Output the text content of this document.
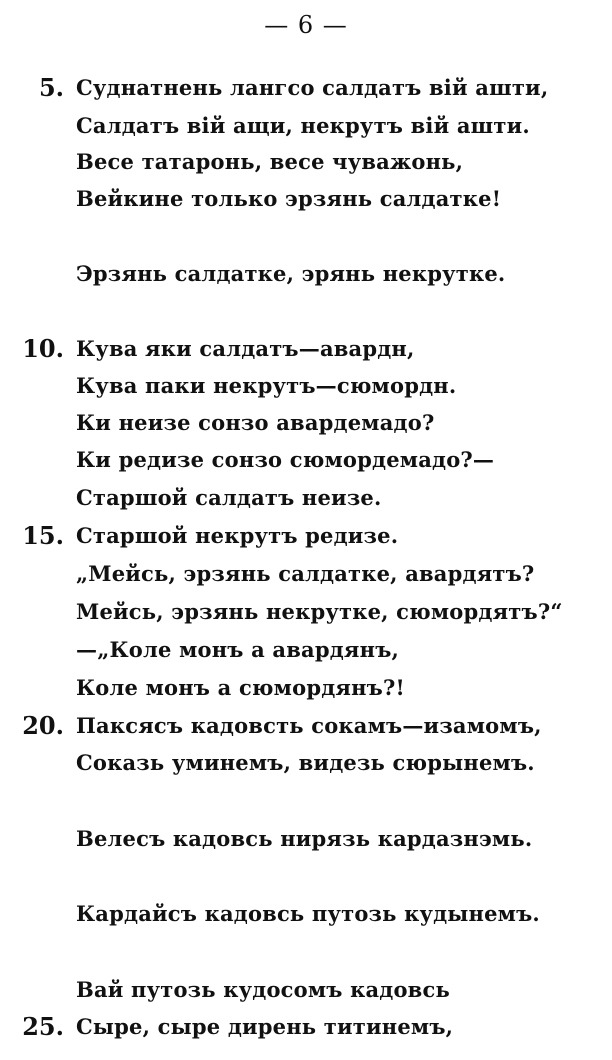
— 6 —
5. Суднатнень лангсо салдатъ вiй ашти,
Салдатъ вiй ащи, некрутъ вiй ашти.
Весе татаронь, весе чуважонь,
Вейкине только эрзянь салдатке!
Эрзянь салдатке, эрянь некрутке.
10. Кува яки салдатъ—авардн,
Кува паки некрутъ—сюмордн.
Ки неизе сонзо авардемадо?
Ки редизе сонзо сюмордемадо?—
Старшой салдатъ неизе.
15. Старшой некрутъ редизе.
„Мейсь, эрзянь салдатке, авардятъ?
Мейсь, эрзянь некрутке, сюмордятъ?“
—„Коле монъ а авардянъ,
Коле монъ а сюмордянъ?!
20. Паксясъ кадовсть сокамъ—изамомъ,
Соказь уминемъ, видезь сюрынемъ.
Велесъ кадовсь нирязь кардазнэмь.
Кардайсъ кадовсь путозь кудынемъ.
Вай путозь кудосомъ кадовсь
25. Сыре, сыре дирень титинемъ,
